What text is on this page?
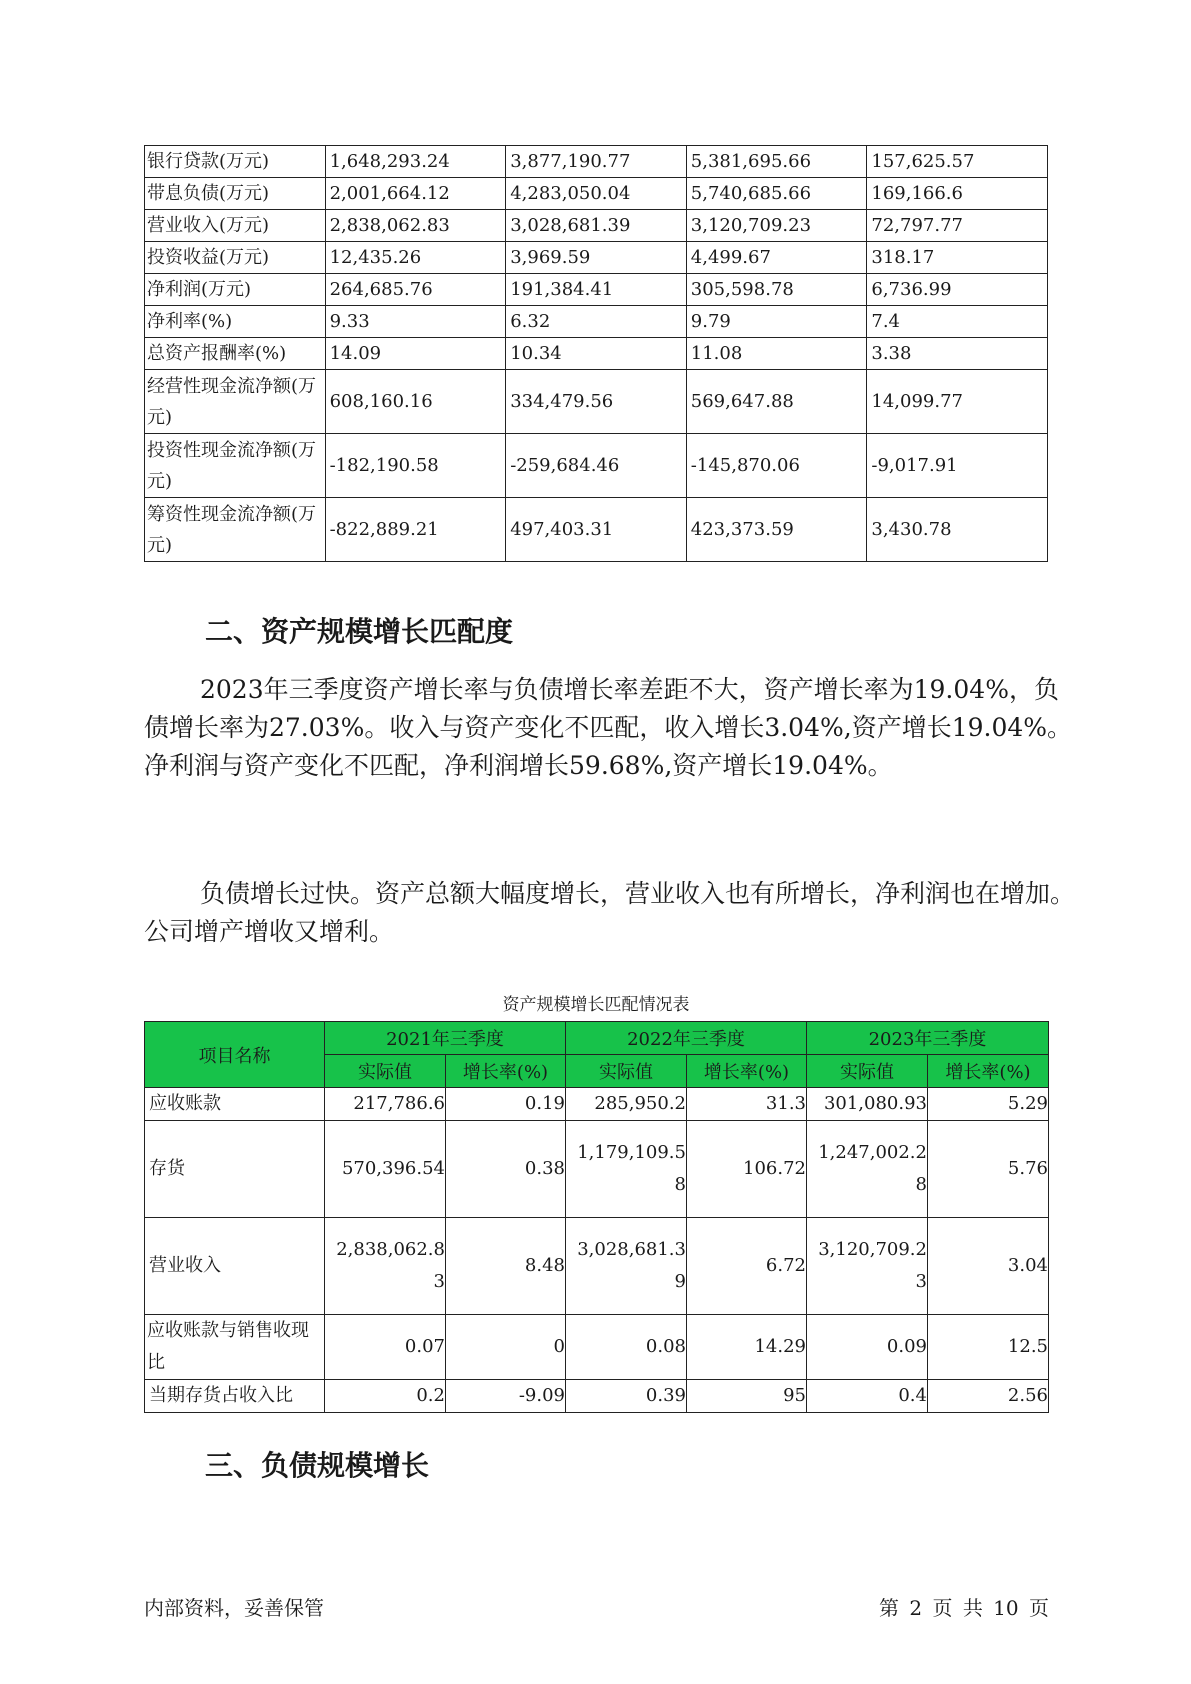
银行贷款(万元)	1,648,293.24	3,877,190.77	5,381,695.66	157,625.57
带息负债(万元)	2,001,664.12	4,283,050.04	5,740,685.66	169,166.6
营业收入(万元)	2,838,062.83	3,028,681.39	3,120,709.23	72,797.77
投资收益(万元)	12,435.26	3,969.59	4,499.67	318.17
净利润(万元)	264,685.76	191,384.41	305,598.78	6,736.99
净利率(%)	9.33	6.32	9.79	7.4
总资产报酬率(%)	14.09	10.34	11.08	3.38
经营性现金流净额(万元)	608,160.16	334,479.56	569,647.88	14,099.77
投资性现金流净额(万元)	-182,190.58	-259,684.46	-145,870.06	-9,017.91
筹资性现金流净额(万元)	-822,889.21	497,403.31	423,373.59	3,430.78
二、资产规模增长匹配度

2023年三季度资产增长率与负债增长率差距不大，资产增长率为19.04%，负债增长率为27.03%。收入与资产变化不匹配，收入增长3.04%,资产增长19.04%。净利润与资产变化不匹配，净利润增长59.68%,资产增长19.04%。

负债增长过快。资产总额大幅度增长，营业收入也有所增长，净利润也在增加。公司增产增收又增利。

资产规模增长匹配情况表
项目名称	2021年三季度		2022年三季度		2023年三季度	
	实际值	增长率(%)	实际值	增长率(%)	实际值	增长率(%)
应收账款	217,786.6	0.19	285,950.2	31.3	301,080.93	5.29
存货	570,396.54	0.38	1,179,109.58	106.72	1,247,002.28	5.76
营业收入	2,838,062.83	8.48	3,028,681.39	6.72	3,120,709.23	3.04
应收账款与销售收现比	0.07	0	0.08	14.29	0.09	12.5
当期存货占收入比	0.2	-9.09	0.39	95	0.4	2.56
三、负债规模增长
内部资料，妥善保管	第 2 页 共 10 页
